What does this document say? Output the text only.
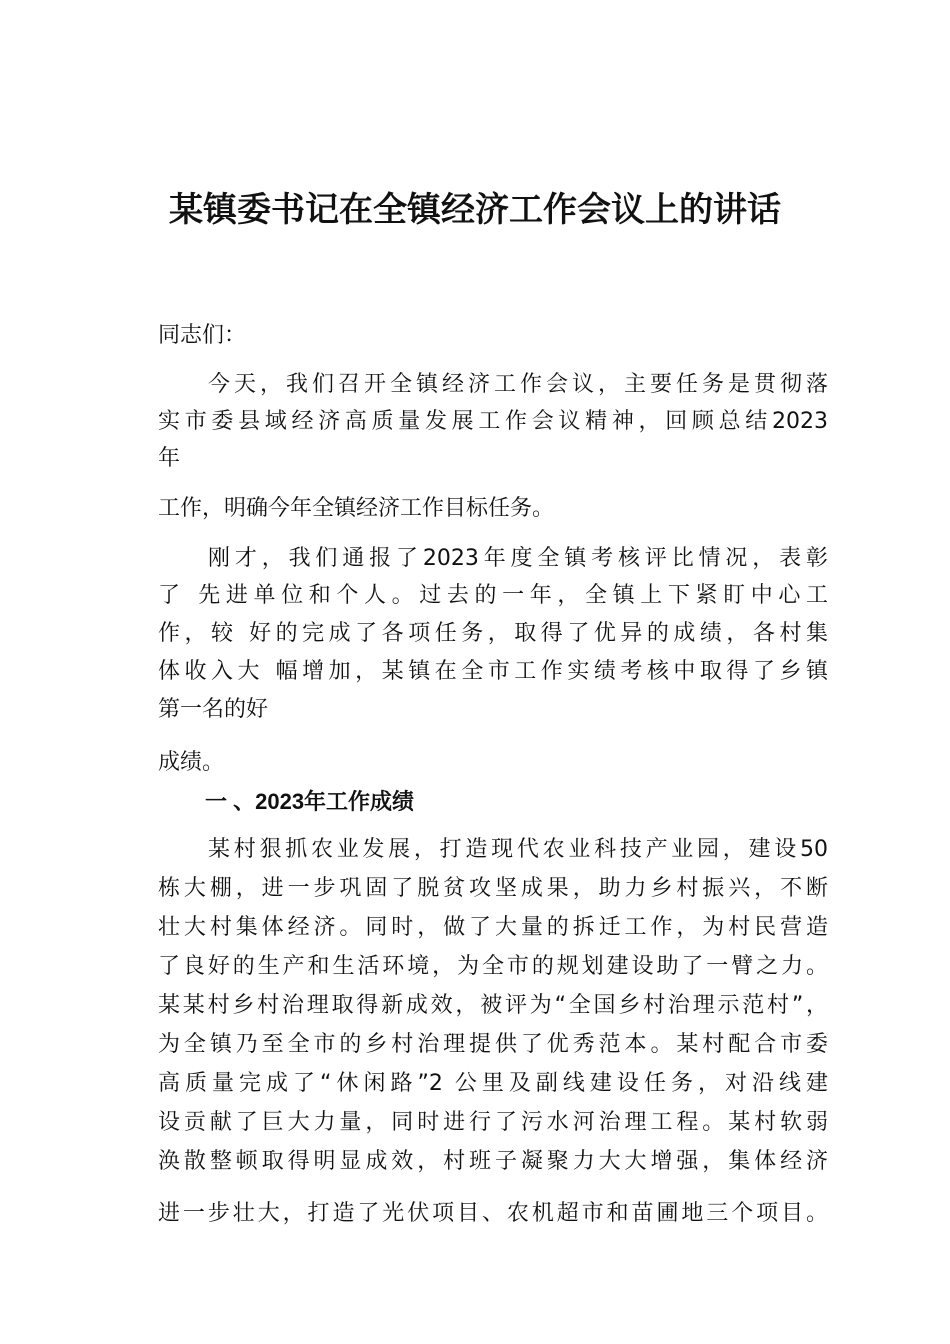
某镇委书记在全镇经济工作会议上的讲话
同志们：
今天，我们召开全镇经济工作会议，主要任务是贯彻落
实市委县域经济高质量发展工作会议精神，回顾总结2023
年
工作，明确今年全镇经济工作目标任务。
刚才，我们通报了2023年度全镇考核评比情况，表彰
了 先进单位和个人。过去的一年，全镇上下紧盯中心工
作，较 好的完成了各项任务，取得了优异的成绩，各村集
体收入大 幅增加，某镇在全市工作实绩考核中取得了乡镇
第一名的好
成绩。
一 、2023年工作成绩
某村狠抓农业发展，打造现代农业科技产业园，建设50
栋大棚，进一步巩固了脱贫攻坚成果，助力乡村振兴，不断
壮大村集体经济。同时，做了大量的拆迁工作，为村民营造
了良好的生产和生活环境，为全市的规划建设助了一臂之力。
某某村乡村治理取得新成效，被评为“全国乡村治理示范村”，
为全镇乃至全市的乡村治理提供了优秀范本。某村配合市委
高质量完成了“休闲路”2 公里及副线建设任务，对沿线建
设贡献了巨大力量，同时进行了污水河治理工程。某村软弱
涣散整顿取得明显成效，村班子凝聚力大大增强，集体经济
进一步壮大，打造了光伏项目、农机超市和苗圃地三个项目。
